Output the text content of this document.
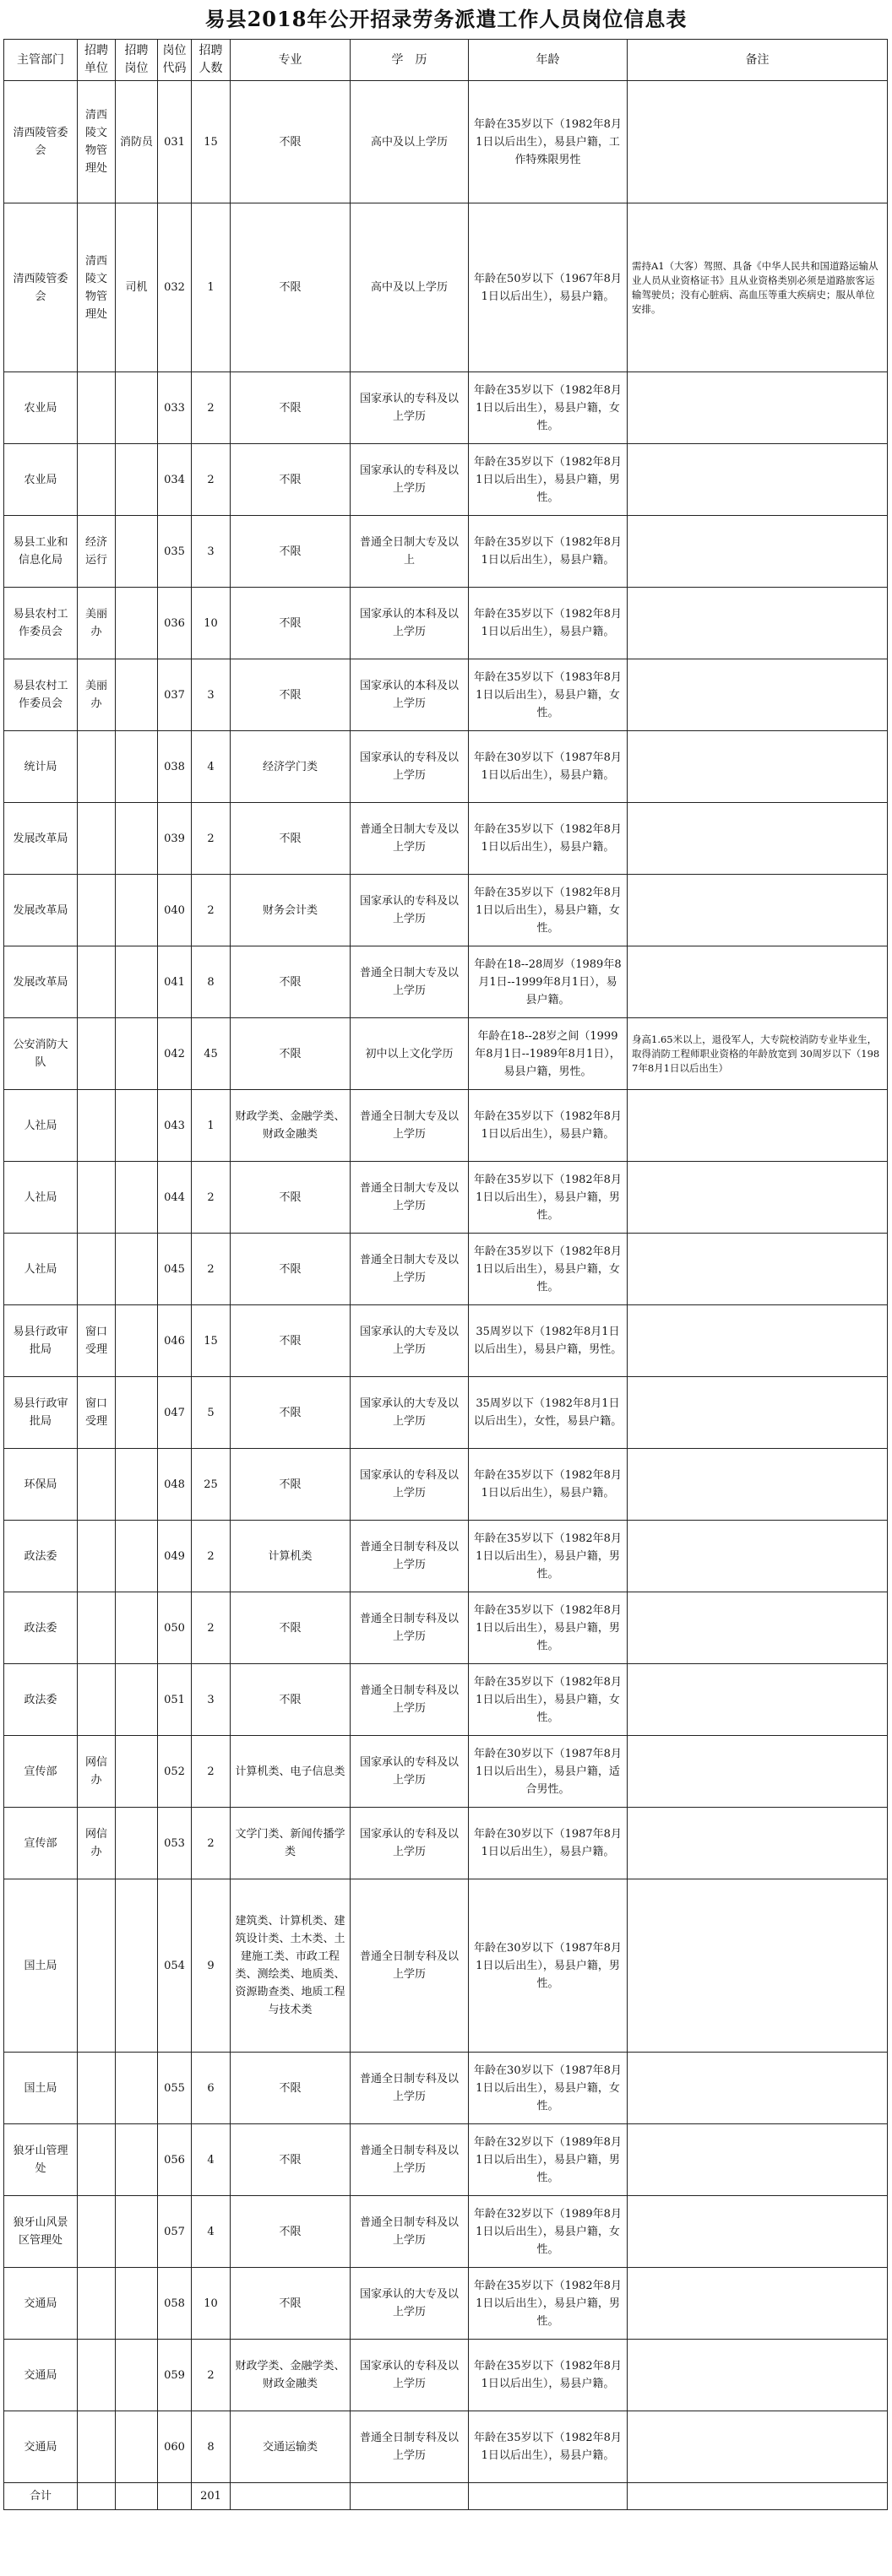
易县2018年公开招录劳务派遣工作人员岗位信息表
主管部门	招聘单位	招聘岗位	岗位代码	招聘人数	专业	学　历	年龄	备注
清西陵管委会	清西陵文物管理处	消防员	031	15	不限	高中及以上学历	年龄在35岁以下（1982年8月1日以后出生），易县户籍，工作特殊限男性	
清西陵管委会	清西陵文物管理处	司机	032	1	不限	高中及以上学历	年龄在50岁以下（1967年8月1日以后出生），易县户籍。	需持A1（大客）驾照、具备《中华人民共和国道路运输从业人员从业资格证书》且从业资格类别必须是道路旅客运输驾驶员；没有心脏病、高血压等重大疾病史；服从单位安排。
农业局			033	2	不限	国家承认的专科及以上学历	年龄在35岁以下（1982年8月1日以后出生），易县户籍，女性。	
农业局			034	2	不限	国家承认的专科及以上学历	年龄在35岁以下（1982年8月1日以后出生），易县户籍，男性。	
易县工业和信息化局	经济运行		035	3	不限	普通全日制大专及以上	年龄在35岁以下（1982年8月1日以后出生），易县户籍。	
易县农村工作委员会	美丽办		036	10	不限	国家承认的本科及以上学历	年龄在35岁以下（1982年8月1日以后出生），易县户籍。	
易县农村工作委员会	美丽办		037	3	不限	国家承认的本科及以上学历	年龄在35岁以下（1983年8月1日以后出生），易县户籍，女性。	
统计局			038	4	经济学门类	国家承认的专科及以上学历	年龄在30岁以下（1987年8月1日以后出生），易县户籍。	
发展改革局			039	2	不限	普通全日制大专及以上学历	年龄在35岁以下（1982年8月1日以后出生），易县户籍。	
发展改革局			040	2	财务会计类	国家承认的专科及以上学历	年龄在35岁以下（1982年8月1日以后出生），易县户籍，女性。	
发展改革局			041	8	不限	普通全日制大专及以上学历	年龄在18--28周岁（1989年8月1日--1999年8月1日），易县户籍。	
公安消防大队			042	45	不限	初中以上文化学历	年龄在18--28岁之间（1999年8月1日--1989年8月1日），易县户籍，男性。	身高1.65米以上，退役军人，大专院校消防专业毕业生，取得消防工程师职业资格的年龄放宽到 30周岁以下（1987年8月1日以后出生）
人社局			043	1	财政学类、金融学类、财政金融类	普通全日制大专及以上学历	年龄在35岁以下（1982年8月1日以后出生），易县户籍。	
人社局			044	2	不限	普通全日制大专及以上学历	年龄在35岁以下（1982年8月1日以后出生），易县户籍，男性。	
人社局			045	2	不限	普通全日制大专及以上学历	年龄在35岁以下（1982年8月1日以后出生），易县户籍，女性。	
易县行政审批局	窗口受理		046	15	不限	国家承认的大专及以上学历	35周岁以下（1982年8月1日以后出生），易县户籍，男性。	
易县行政审批局	窗口受理		047	5	不限	国家承认的大专及以上学历	35周岁以下（1982年8月1日以后出生），女性，易县户籍。	
环保局			048	25	不限	国家承认的专科及以上学历	年龄在35岁以下（1982年8月1日以后出生），易县户籍。	
政法委			049	2	计算机类	普通全日制专科及以上学历	年龄在35岁以下（1982年8月1日以后出生），易县户籍，男性。	
政法委			050	2	不限	普通全日制专科及以上学历	年龄在35岁以下（1982年8月1日以后出生），易县户籍，男性。	
政法委			051	3	不限	普通全日制专科及以上学历	年龄在35岁以下（1982年8月1日以后出生），易县户籍，女性。	
宣传部	网信办		052	2	计算机类、电子信息类	国家承认的专科及以上学历	年龄在30岁以下（1987年8月1日以后出生），易县户籍，适合男性。	
宣传部	网信办		053	2	文学门类、新闻传播学类	国家承认的专科及以上学历	年龄在30岁以下（1987年8月1日以后出生），易县户籍。	
国土局			054	9	建筑类、计算机类、建筑设计类、土木类、土建施工类、市政工程类、测绘类、地质类、资源勘查类、地质工程与技术类	普通全日制专科及以上学历	年龄在30岁以下（1987年8月1日以后出生），易县户籍，男性。	
国土局			055	6	不限	普通全日制专科及以上学历	年龄在30岁以下（1987年8月1日以后出生），易县户籍，女性。	
狼牙山管理处			056	4	不限	普通全日制专科及以上学历	年龄在32岁以下（1989年8月1日以后出生），易县户籍，男性。	
狼牙山风景区管理处			057	4	不限	普通全日制专科及以上学历	年龄在32岁以下（1989年8月1日以后出生），易县户籍，女性。	
交通局			058	10	不限	国家承认的大专及以上学历	年龄在35岁以下（1982年8月1日以后出生），易县户籍，男性。	
交通局			059	2	财政学类、金融学类、财政金融类	国家承认的专科及以上学历	年龄在35岁以下（1982年8月1日以后出生），易县户籍。	
交通局			060	8	交通运输类	普通全日制专科及以上学历	年龄在35岁以下（1982年8月1日以后出生），易县户籍。	
合计				201				
